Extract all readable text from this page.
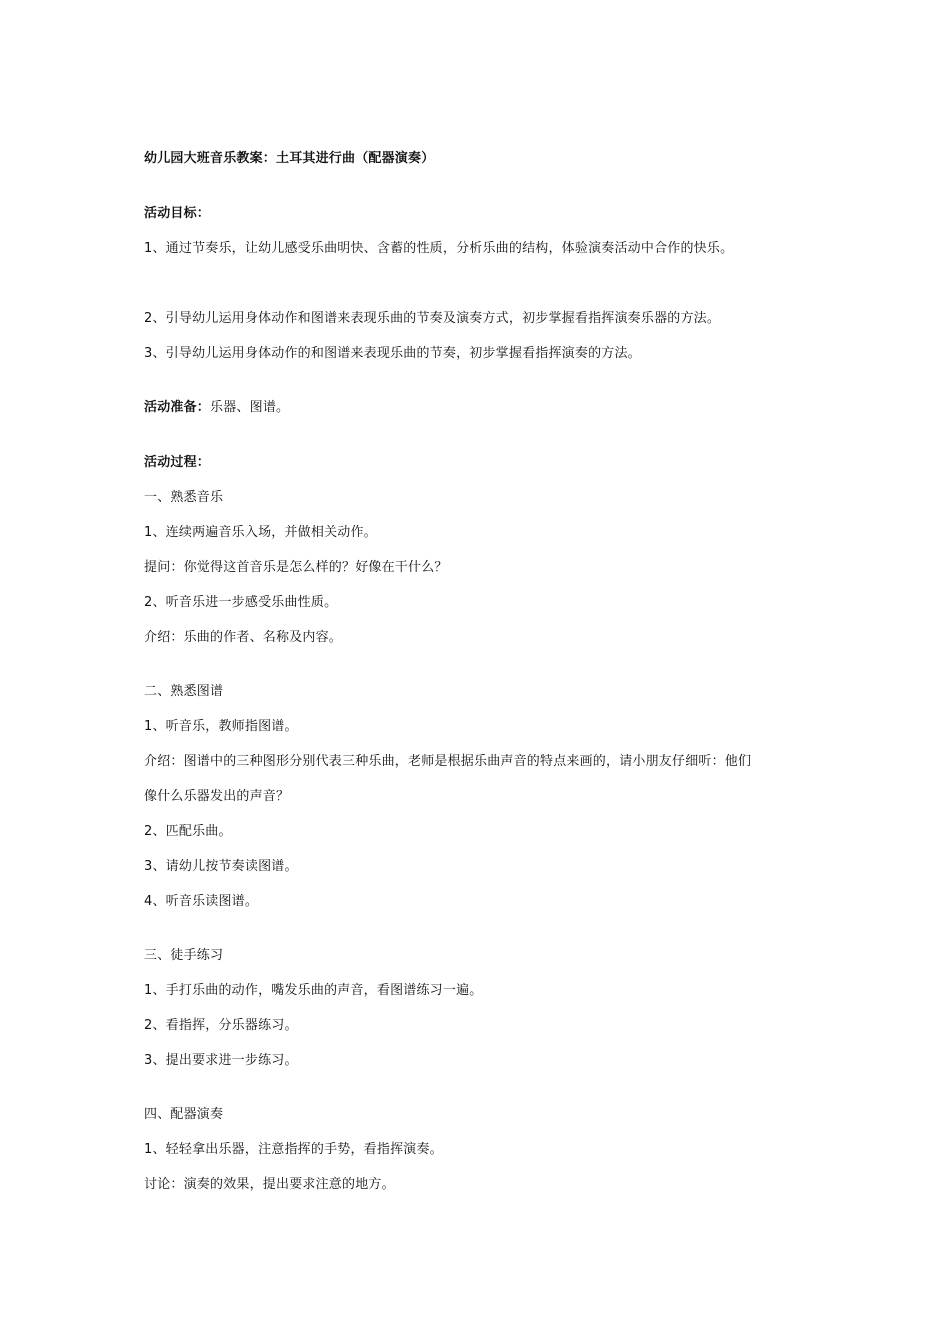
幼儿园大班音乐教案：土耳其进行曲（配器演奏）
活动目标：
1、通过节奏乐，让幼儿感受乐曲明快、含蓄的性质，分析乐曲的结构，体验演奏活动中合作的快乐。
2、引导幼儿运用身体动作和图谱来表现乐曲的节奏及演奏方式，初步掌握看指挥演奏乐器的方法。
3、引导幼儿运用身体动作的和图谱来表现乐曲的节奏，初步掌握看指挥演奏的方法。
活动准备：乐器、图谱。
活动过程：
一、熟悉音乐
1、连续两遍音乐入场，并做相关动作。
提问：你觉得这首音乐是怎么样的？好像在干什么？
2、听音乐进一步感受乐曲性质。
介绍：乐曲的作者、名称及内容。
二、熟悉图谱
1、听音乐，教师指图谱。
介绍：图谱中的三种图形分别代表三种乐曲，老师是根据乐曲声音的特点来画的，请小朋友仔细听：他们
像什么乐器发出的声音？
2、匹配乐曲。
3、请幼儿按节奏读图谱。
4、听音乐读图谱。
三、徒手练习
1、手打乐曲的动作，嘴发乐曲的声音，看图谱练习一遍。
2、看指挥，分乐器练习。
3、提出要求进一步练习。
四、配器演奏
1、轻轻拿出乐器，注意指挥的手势，看指挥演奏。
讨论：演奏的效果，提出要求注意的地方。
